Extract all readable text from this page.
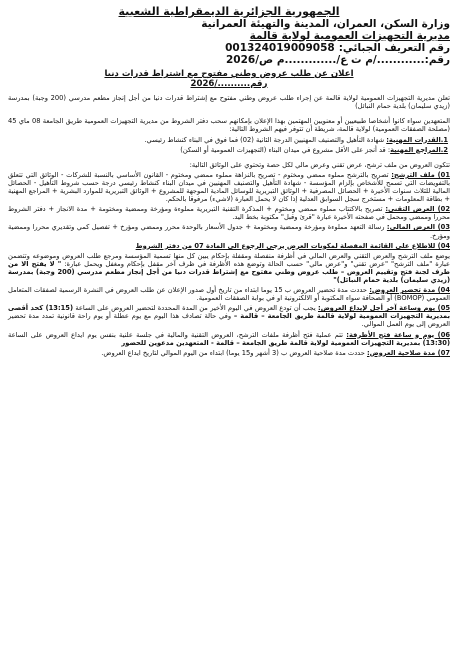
الجمهورية الجزائرية الديمقراطية الشعبية
وزارة السكن، العمران، المدينة والتهيئة العمرانية
مديرية التجهيزات العمومية لولاية قالمة
رقم التعريف الجبائي:
001324019009058
رقم:............/م ت ع/.............م ص/2026
اعلان عن طلب عروض وطني مفتوح مع اشتراط قدرات دنيا
رقم........../2026

تعلن مديرية التجهيزات العمومية لولاية قالمة عن إجراء طلب عروض وطني مفتوح مع إشتراط قدرات دنيا من أجل إنجاز مطعم مدرسي (200 وجبة) بمدرسة (زيدي سليمان) بلدية حمام النبائل)

المتعهدين سواء كانوا أشخاصا طبيعيين أو معنويين المهتمين بهذا الإعلان بإمكانهم سحب دفتر الشروط من مديرية التجهيزات العمومية طريق الجامعة 08 ماي 45 (مصلحة الصفقات العمومية) لولاية قالمة، شريطة أن تتوفر فيهم الشروط التالية:

1.القدرات المهنية: شهادة التأهيل والتصنيف المهنيين الدرجة الثانية (02) فما فوق في البناء كنشاط رئيسي.

2.المراجع المهنية: قد أنجز على الأقل مشروع في ميدان البناء (التجهيزات العمومية أو السكن)

تتكون العروض من ملف ترشح، عرض تقني وعرض مالي لكل حصة وتحتوي على الوثائق التالية:

01) ملف الترشح: تصريح بالترشح مملوء ممضي ومختوم - تصريح بالنزاهة مملوء ممضي ومختوم - القانون الأساسي بالنسبة للشركات - الوثائق التي تتعلق بالتفويضات التي تسمح للأشخاص بإلزام المؤسسة - شهادة التأهيل والتصنيف المهنيين في ميدان البناء كنشاط رئيسي درجة حسب شروط التأهيل - الحصائل المالية للثلاث سنوات الأخيرة + الحصائل المصرفية + الوثائق التبريرية للوسائل المادية الموجهة للمشروع + الوثائق التبريرية للموارد البشرية + المراجع المهنية + بطاقة المعلومات + مستخرج سجل السوابق العدلية إذا كان لا يحمل العبارة (لاشيء) مرفوقا بالحكم.

02) العرض التقني: تصريح بالاكتتاب مملوء ممضي ومختوم + المذكرة التقنية التبريرية مملوءة ومؤرخة وممضية ومختومة + مدة الانجاز + دفتر الشروط محررا وممضي ومحمل في صفحته الأخيرة عبارة "قرئ وقبل" مكتوبة بخط اليد.

03) العرض المالي: رسالة التعهد مملوءة ومؤرخة وممضية ومختومة + جدول الأسعار بالوحدة محرر وممضي ومؤرخ + تفصيل كمي وتقديري محررا وممضية ومؤرخ.

04) للاطلاع على القائمة المفصلة لمكونات العرض يرجى الرجوع الى المادة 07 من دفتر الشروط

يوضع ملف الترشح والعرض التقني والعرض المالي في أظرفة منفصلة ومقفلة بإحكام يبين كل منها تسمية المؤسسة ومرجع طلب العروض وموضوعه وتتضمن عبارة "ملف الترشح" "عرض تقني" و"عرض مالي" حسب الحالة وتوضع هذه الأظرفة في ظرف آخر مقفل بإحكام ومغفل ويحمل عبارة: " لا يفتح الا من طرف لجنة فتح وتقييم العروض – طلب عروض وطني مفتوح مع إشتراط قدرات دنيا من أجل إنجاز مطعم مدرسي (200 وجبة) بمدرسة (زيدي سليمان) بلدية حمام النبائل)"

04) مدة تحضير العروض: حددت مدة تحضير العروض ب 15 يوما ابتداء من تاريخ أول صدور الإعلان عن طلب العروض في النشرة الرسمية لصفقات المتعامل العمومي (BOMOP) أو الصحافة سواء المكتوبة أو الالكترونية او في بوابة الصفقات العمومية.

05) يوم وساعة آخر أجل لإيداع العروض: يجب أن تودع العروض في اليوم الأخير من المدة المحددة لتحضير العروض على الساعة (13:15) كحد أقصى بمديرية التجهيزات العمومية لولاية قالمة طريق الجامعة – قالمة – وفي حالة تصادف هذا اليوم مع يوم عطلة أو يوم راحة قانونية تمدد مدة تحضير العروض إلى يوم العمل الموالي.

06) يوم و ساعة فتح الأظرفة: تتم عملية فتح أظرفة ملفات الترشح، العروض التقنية والمالية في جلسة علنية بنفس يوم ايداع العروض على الساعة (13:30) بمديرية التجهيزات العمومية لولاية قالمة طريق الجامعة – قالمة - المتعهدين مدعوين للحضور

07) مدة صلاحية العروض: حددت مدة صلاحية العروض ب (3 أشهر و15 يوما) ابتداء من اليوم الموالي لتاريخ ايداع العروض.
